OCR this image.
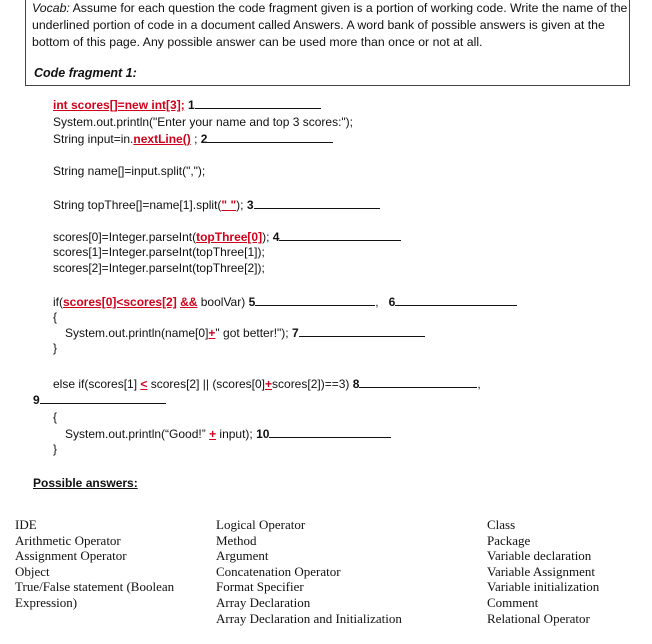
Vocab: Assume for each question the code fragment given is a portion of working code. Write the name of the underlined portion of code in a document called Answers. A word bank of possible answers is given at the bottom of this page. Any possible answer can be used more than once or not at all.
Code fragment 1:
int scores[]=new int[3]; 1
System.out.println("Enter your name and top 3 scores:");
String input=in.nextLine() ; 2
String name[]=input.split(",");
String topThree[]=name[1].split(" "); 3
scores[0]=Integer.parseInt(topThree[0]); 4
scores[1]=Integer.parseInt(topThree[1]);
scores[2]=Integer.parseInt(topThree[2]);
if(scores[0]<scores[2] && boolVar) 5	, 6
{
System.out.println(name[0]+" got better!"); 7
}
else if(scores[1] < scores[2] || (scores[0]+scores[2])==3) 8	,
9
{
System.out.println(“Good!” + input); 10
}
Possible answers:
IDE
Arithmetic Operator
Assignment Operator
Object
True/False statement (Boolean
Expression)
Logical Operator
Method
Argument
Concatenation Operator
Format Specifier
Array Declaration
Array Declaration and Initialization
Class
Package
Variable declaration
Variable Assignment
Variable initialization
Comment
Relational Operator
